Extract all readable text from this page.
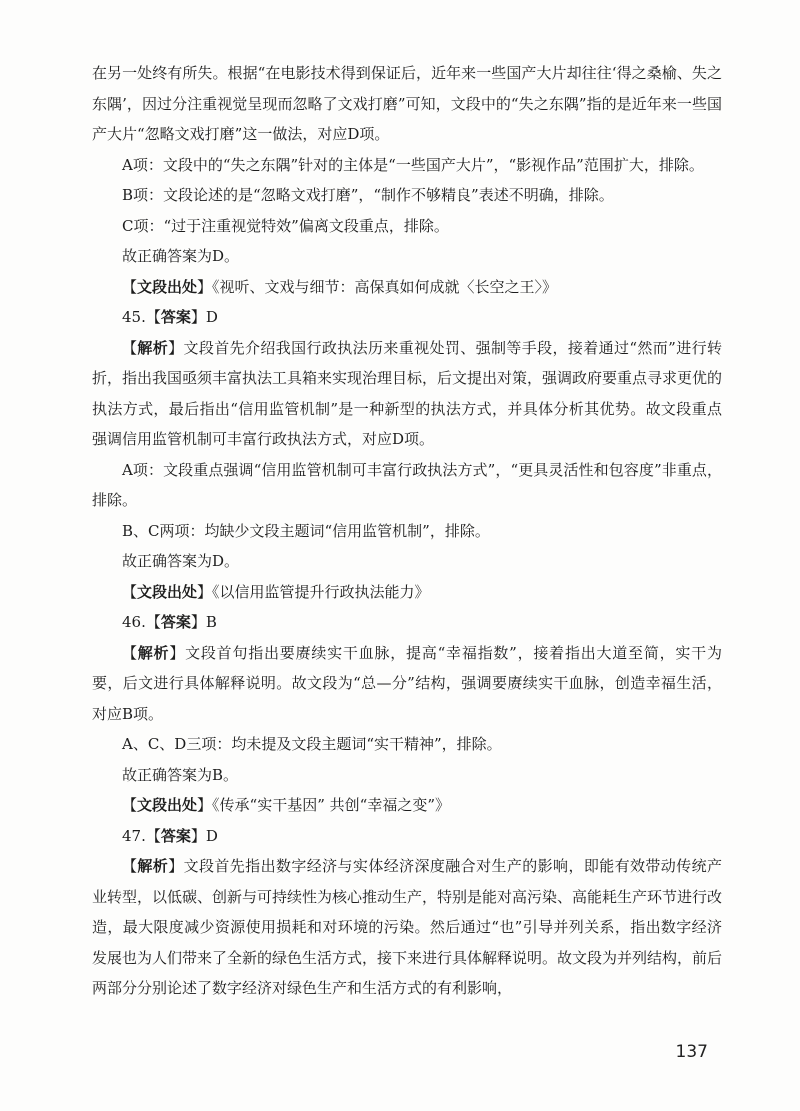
在另一处终有所失。根据“在电影技术得到保证后，近年来一些国产大片却往往‘得之桑榆、失之东隅’，因过分注重视觉呈现而忽略了文戏打磨”可知，文段中的“失之东隅”指的是近年来一些国产大片“忽略文戏打磨”这一做法，对应D项。

A项：文段中的“失之东隅”针对的主体是“一些国产大片”，“影视作品”范围扩大，排除。

B项：文段论述的是“忽略文戏打磨”，“制作不够精良”表述不明确，排除。

C项：“过于注重视觉特效”偏离文段重点，排除。

故正确答案为D。

【文段出处】《视听、文戏与细节：高保真如何成就〈长空之王〉》

45.【答案】D

【解析】文段首先介绍我国行政执法历来重视处罚、强制等手段，接着通过“然而”进行转折，指出我国亟须丰富执法工具箱来实现治理目标，后文提出对策，强调政府要重点寻求更优的执法方式，最后指出“信用监管机制”是一种新型的执法方式，并具体分析其优势。故文段重点强调信用监管机制可丰富行政执法方式，对应D项。

A项：文段重点强调“信用监管机制可丰富行政执法方式”，“更具灵活性和包容度”非重点，排除。

B、C两项：均缺少文段主题词“信用监管机制”，排除。

故正确答案为D。

【文段出处】《以信用监管提升行政执法能力》

46.【答案】B

【解析】文段首句指出要赓续实干血脉，提高“幸福指数”，接着指出大道至简，实干为要，后文进行具体解释说明。故文段为“总—分”结构，强调要赓续实干血脉，创造幸福生活，对应B项。

A、C、D三项：均未提及文段主题词“实干精神”，排除。

故正确答案为B。

【文段出处】《传承“实干基因” 共创“幸福之变”》

47.【答案】D

【解析】文段首先指出数字经济与实体经济深度融合对生产的影响，即能有效带动传统产业转型，以低碳、创新与可持续性为核心推动生产，特别是能对高污染、高能耗生产环节进行改造，最大限度减少资源使用损耗和对环境的污染。然后通过“也”引导并列关系，指出数字经济发展也为人们带来了全新的绿色生活方式，接下来进行具体解释说明。故文段为并列结构，前后两部分分别论述了数字经济对绿色生产和生活方式的有利影响，

137
